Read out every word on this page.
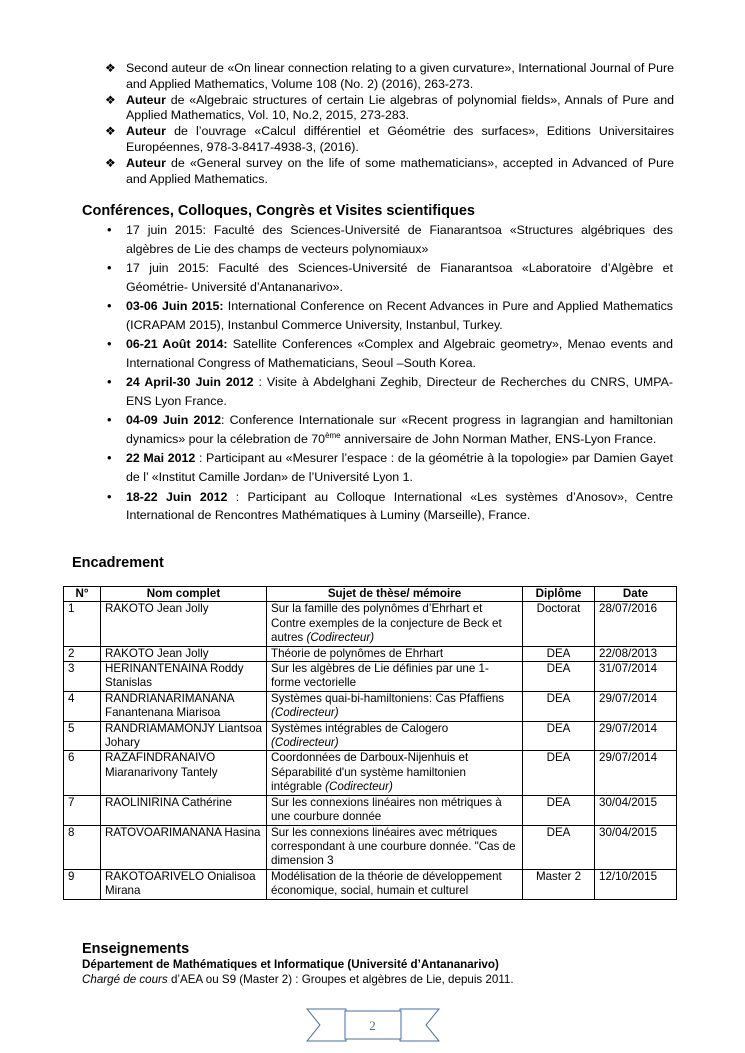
❖ Second auteur de «On linear connection relating to a given curvature», International Journal of Pure and Applied Mathematics, Volume 108 (No. 2) (2016), 263-273.
❖ Auteur de «Algebraic structures of certain Lie algebras of polynomial fields», Annals of Pure and Applied Mathematics, Vol. 10, No.2, 2015, 273-283.
❖ Auteur de l’ouvrage «Calcul différentiel et Géométrie des surfaces», Editions Universitaires Européennes, 978-3-8417-4938-3, (2016).
❖ Auteur de «General survey on the life of some mathematicians», accepted in Advanced of Pure and Applied Mathematics.
Conférences, Colloques, Congrès et Visites scientifiques
• 17 juin 2015: Faculté des Sciences-Université de Fianarantsoa «Structures algébriques des algèbres de Lie des champs de vecteurs polynomiaux»
• 17 juin 2015: Faculté des Sciences-Université de Fianarantsoa «Laboratoire d’Algèbre et Géométrie- Université d’Antananarivo».
• 03-06 Juin 2015: International Conference on Recent Advances in Pure and Applied Mathematics (ICRAPAM 2015), Instanbul Commerce University, Instanbul, Turkey.
• 06-21 Août 2014: Satellite Conferences «Complex and Algebraic geometry», Menao events and International Congress of Mathematicians, Seoul –South Korea.
• 24 April-30 Juin 2012 : Visite à Abdelghani Zeghib, Directeur de Recherches du CNRS, UMPA-ENS Lyon France.
• 04-09 Juin 2012: Conference Internationale sur «Recent progress in lagrangian and hamiltonian dynamics» pour la célebration de 70ème anniversaire de John Norman Mather, ENS-Lyon France.
• 22 Mai 2012 : Participant au «Mesurer l’espace : de la géométrie à la topologie» par Damien Gayet de l’ «Institut Camille Jordan» de l’Université Lyon 1.
• 18-22 Juin 2012 : Participant au Colloque International «Les systèmes d’Anosov», Centre International de Rencontres Mathématiques à Luminy (Marseille), France.
Encadrement
N°	Nom complet	Sujet de thèse/ mémoire	Diplôme	Date
1	RAKOTO Jean Jolly	Sur la famille des polynômes d’Ehrhart et Contre exemples de la conjecture de Beck et autres (Codirecteur)	Doctorat	28/07/2016
2	RAKOTO Jean Jolly	Théorie de polynômes de Ehrhart	DEA	22/08/2013
3	HERINANTENAINA Roddy Stanislas	Sur les algèbres de Lie définies par une 1-forme vectorielle	DEA	31/07/2014
4	RANDRIANARIMANANA Fanantenana Miarisoa	Systèmes quai-bi-hamiltoniens: Cas Pfaffiens (Codirecteur)	DEA	29/07/2014
5	RANDRIAMAMONJY Liantsoa Johary	Systèmes intégrables de Calogero (Codirecteur)	DEA	29/07/2014
6	RAZAFINDRANAIVO Miaranarivony Tantely	Coordonnées de Darboux-Nijenhuis et Séparabilité d'un système hamiltonien intégrable (Codirecteur)	DEA	29/07/2014
7	RAOLINIRINA Cathérine	Sur les connexions linéaires non métriques à une courbure donnée	DEA	30/04/2015
8	RATOVOARIMANANA Hasina	Sur les connexions linéaires avec métriques correspondant à une courbure donnée. "Cas de dimension 3	DEA	30/04/2015
9	RAKOTOARIVELO Onialisoa Mirana	Modélisation de la théorie de développement économique, social, humain et culturel	Master 2	12/10/2015
Enseignements
Département de Mathématiques et Informatique (Université d’Antananarivo)
Chargé de cours d’AEA ou S9 (Master 2) : Groupes et algèbres de Lie, depuis 2011.
2
